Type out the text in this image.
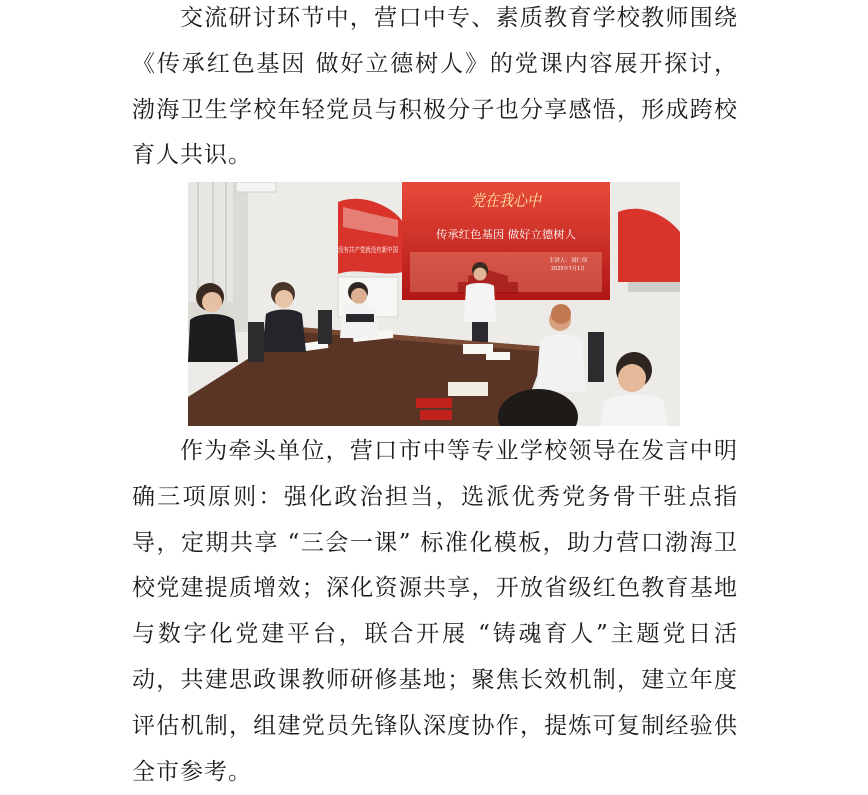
交流研讨环节中，营口中专、素质教育学校教师围绕《传承红色基因 做好立德树人》的党课内容展开探讨，渤海卫生学校年轻党员与积极分子也分享感悟，形成跨校育人共识。

没有共产党就没有新中国
党在我心中
传承红色基因 做好立德树人
主讲人：刘仁伟
2025年7月1日

作为牵头单位，营口市中等专业学校领导在发言中明确三项原则：强化政治担当，选派优秀党务骨干驻点指导，定期共享 “三会一课” 标准化模板，助力营口渤海卫校党建提质增效；深化资源共享，开放省级红色教育基地与数字化党建平台，联合开展 “铸魂育人”主题党日活动，共建思政课教师研修基地；聚焦长效机制，建立年度评估机制，组建党员先锋队深度协作，提炼可复制经验供全市参考。
